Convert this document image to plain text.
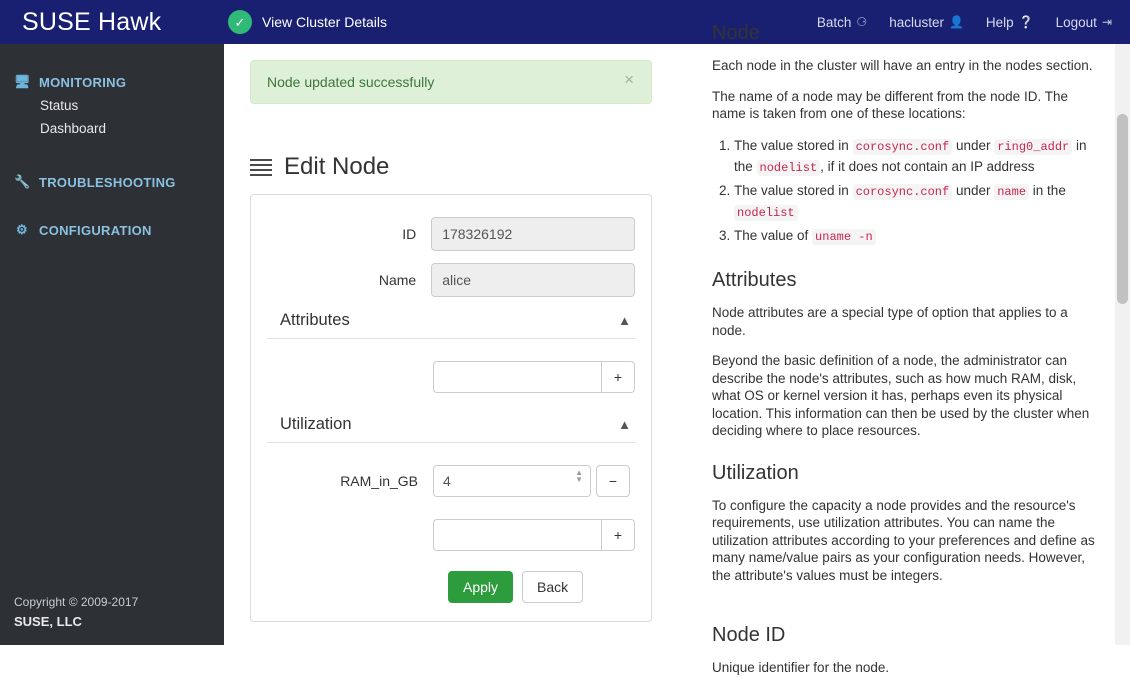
SUSE Hawk	✓	View Cluster Details	Batch ⚆ hacluster 👤 Help ❔ Logout ⇥
🖥 MONITORING
Status
Dashboard
🔧 TROUBLESHOOTING
⚙ CONFIGURATION
Copyright © 2009-2017
SUSE, LLC
Node updated successfully	×
Edit Node
ID
178326192
Name
alice
Attributes	▲
+
Utilization	▲
RAM_in_GB
4
▲
▼	−
+
Apply	Back
Node

Each node in the cluster will have an entry in the nodes section.

The name of a node may be different from the node ID. The name is taken from one of these locations:

1. The value stored in corosync.conf under ring0_addr in the nodelist , if it does not contain an IP address
2. The value stored in corosync.conf under name in the nodelist
3. The value of uname -n
Attributes

Node attributes are a special type of option that applies to a node.

Beyond the basic definition of a node, the administrator can describe the node's attributes, such as how much RAM, disk, what OS or kernel version it has, perhaps even its physical location. This information can then be used by the cluster when deciding where to place resources.

Utilization

To configure the capacity a node provides and the resource's requirements, use utilization attributes. You can name the utilization attributes according to your preferences and define as many name/value pairs as your configuration needs. However, the attribute's values must be integers.

Node ID

Unique identifier for the node.
